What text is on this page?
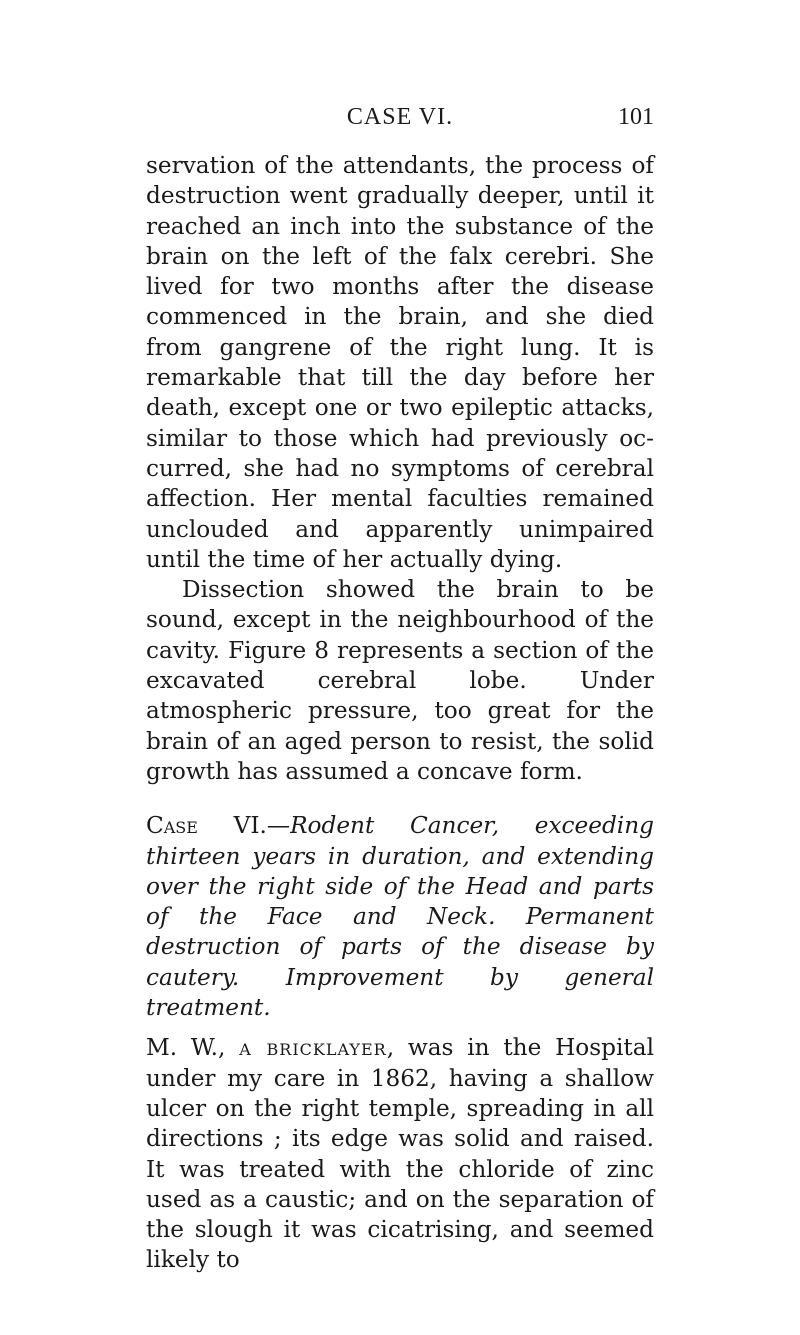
CASE VI.	101

servation of the attendants, the process of destruction went gradually deeper, until it reached an inch into the substance of the brain on the left of the falx cerebri. She lived for two months after the disease commenced in the brain, and she died from gangrene of the right lung. It is remarkable that till the day before her death, except one or two epileptic attacks, similar to those which had previously occurred, she had no symptoms of cerebral affection. Her mental faculties remained unclouded and apparently unimpaired until the time of her actually dying.

Dissection showed the brain to be sound, except in the neighbourhood of the cavity. Figure 8 represents a section of the excavated cerebral lobe. Under atmospheric pressure, too great for the brain of an aged person to resist, the solid growth has assumed a concave form.

Case VI.—Rodent Cancer, exceeding thirteen years in duration, and extending over the right side of the Head and parts of the Face and Neck. Permanent destruction of parts of the disease by cautery. Improvement by general treatment.

M. W., a bricklayer, was in the Hospital under my care in 1862, having a shallow ulcer on the right temple, spreading in all directions ; its edge was solid and raised. It was treated with the chloride of zinc used as a caustic; and on the separation of the slough it was cicatrising, and seemed likely to
